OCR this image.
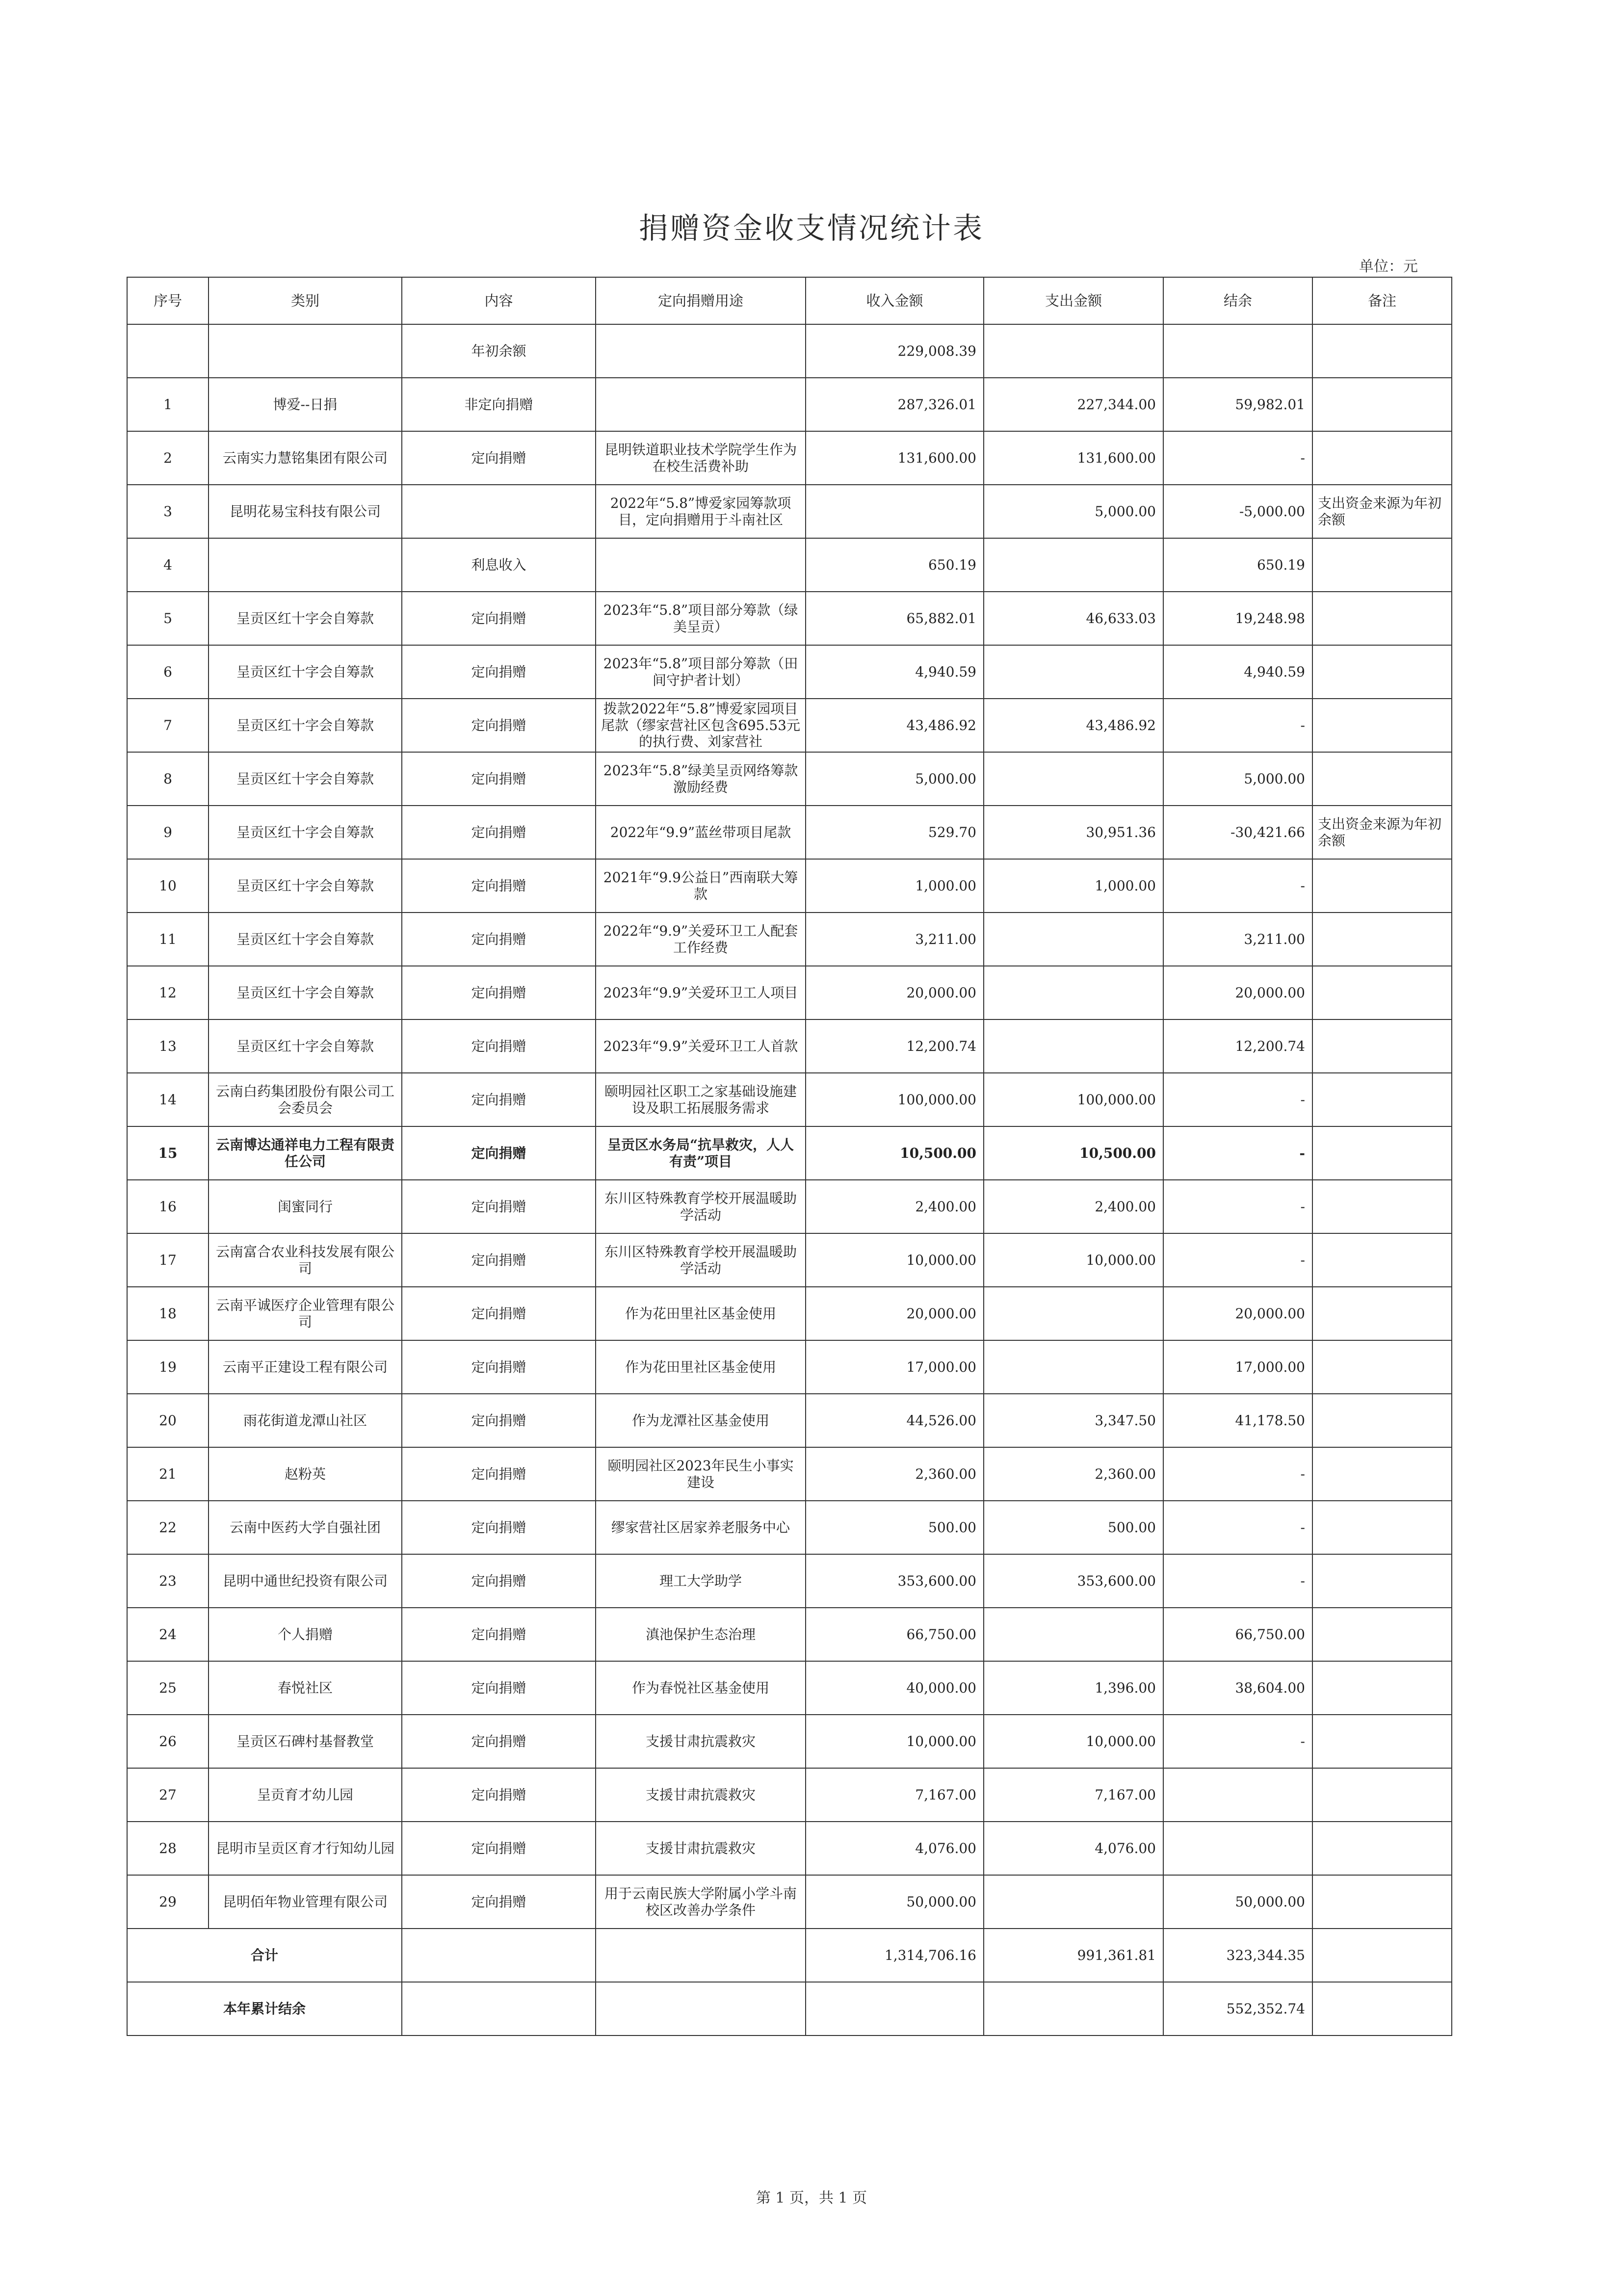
捐赠资金收支情况统计表
单位：元
序号	类别	内容	定向捐赠用途	收入金额	支出金额	结余	备注
		年初余额		229,008.39			
1	博爱--日捐	非定向捐赠		287,326.01	227,344.00	59,982.01	
2	云南实力慧铭集团有限公司	定向捐赠	昆明铁道职业技术学院学生作为在校生活费补助	131,600.00	131,600.00	-	
3	昆明花易宝科技有限公司		2022年“5.8”博爱家园筹款项目，定向捐赠用于斗南社区		5,000.00	-5,000.00	支出资金来源为年初余额
4		利息收入		650.19		650.19	
5	呈贡区红十字会自筹款	定向捐赠	2023年“5.8”项目部分筹款（绿美呈贡）	65,882.01	46,633.03	19,248.98	
6	呈贡区红十字会自筹款	定向捐赠	2023年“5.8”项目部分筹款（田间守护者计划）	4,940.59		4,940.59	
7	呈贡区红十字会自筹款	定向捐赠	拨款2022年“5.8”博爱家园项目尾款（缪家营社区包含695.53元的执行费、刘家营社	43,486.92	43,486.92	-	
8	呈贡区红十字会自筹款	定向捐赠	2023年“5.8”绿美呈贡网络筹款激励经费	5,000.00		5,000.00	
9	呈贡区红十字会自筹款	定向捐赠	2022年“9.9”蓝丝带项目尾款	529.70	30,951.36	-30,421.66	支出资金来源为年初余额
10	呈贡区红十字会自筹款	定向捐赠	2021年“9.9公益日”西南联大筹款	1,000.00	1,000.00	-	
11	呈贡区红十字会自筹款	定向捐赠	2022年“9.9”关爱环卫工人配套工作经费	3,211.00		3,211.00	
12	呈贡区红十字会自筹款	定向捐赠	2023年“9.9”关爱环卫工人项目	20,000.00		20,000.00	
13	呈贡区红十字会自筹款	定向捐赠	2023年“9.9”关爱环卫工人首款	12,200.74		12,200.74	
14	云南白药集团股份有限公司工会委员会	定向捐赠	颐明园社区职工之家基础设施建设及职工拓展服务需求	100,000.00	100,000.00	-	
15	云南博达通祥电力工程有限责任公司	定向捐赠	呈贡区水务局“抗旱救灾，人人有责”项目	10,500.00	10,500.00	-	
16	闺蜜同行	定向捐赠	东川区特殊教育学校开展温暖助学活动	2,400.00	2,400.00	-	
17	云南富合农业科技发展有限公司	定向捐赠	东川区特殊教育学校开展温暖助学活动	10,000.00	10,000.00	-	
18	云南平诚医疗企业管理有限公司	定向捐赠	作为花田里社区基金使用	20,000.00		20,000.00	
19	云南平正建设工程有限公司	定向捐赠	作为花田里社区基金使用	17,000.00		17,000.00	
20	雨花街道龙潭山社区	定向捐赠	作为龙潭社区基金使用	44,526.00	3,347.50	41,178.50	
21	赵粉英	定向捐赠	颐明园社区2023年民生小事实建设	2,360.00	2,360.00	-	
22	云南中医药大学自强社团	定向捐赠	缪家营社区居家养老服务中心	500.00	500.00	-	
23	昆明中通世纪投资有限公司	定向捐赠	理工大学助学	353,600.00	353,600.00	-	
24	个人捐赠	定向捐赠	滇池保护生态治理	66,750.00		66,750.00	
25	春悦社区	定向捐赠	作为春悦社区基金使用	40,000.00	1,396.00	38,604.00	
26	呈贡区石碑村基督教堂	定向捐赠	支援甘肃抗震救灾	10,000.00	10,000.00	-	
27	呈贡育才幼儿园	定向捐赠	支援甘肃抗震救灾	7,167.00	7,167.00		
28	昆明市呈贡区育才行知幼儿园	定向捐赠	支援甘肃抗震救灾	4,076.00	4,076.00		
29	昆明佰年物业管理有限公司	定向捐赠	用于云南民族大学附属小学斗南校区改善办学条件	50,000.00		50,000.00	
合计				1,314,706.16	991,361.81	323,344.35	
本年累计结余						552,352.74	
第 1 页，共 1 页
